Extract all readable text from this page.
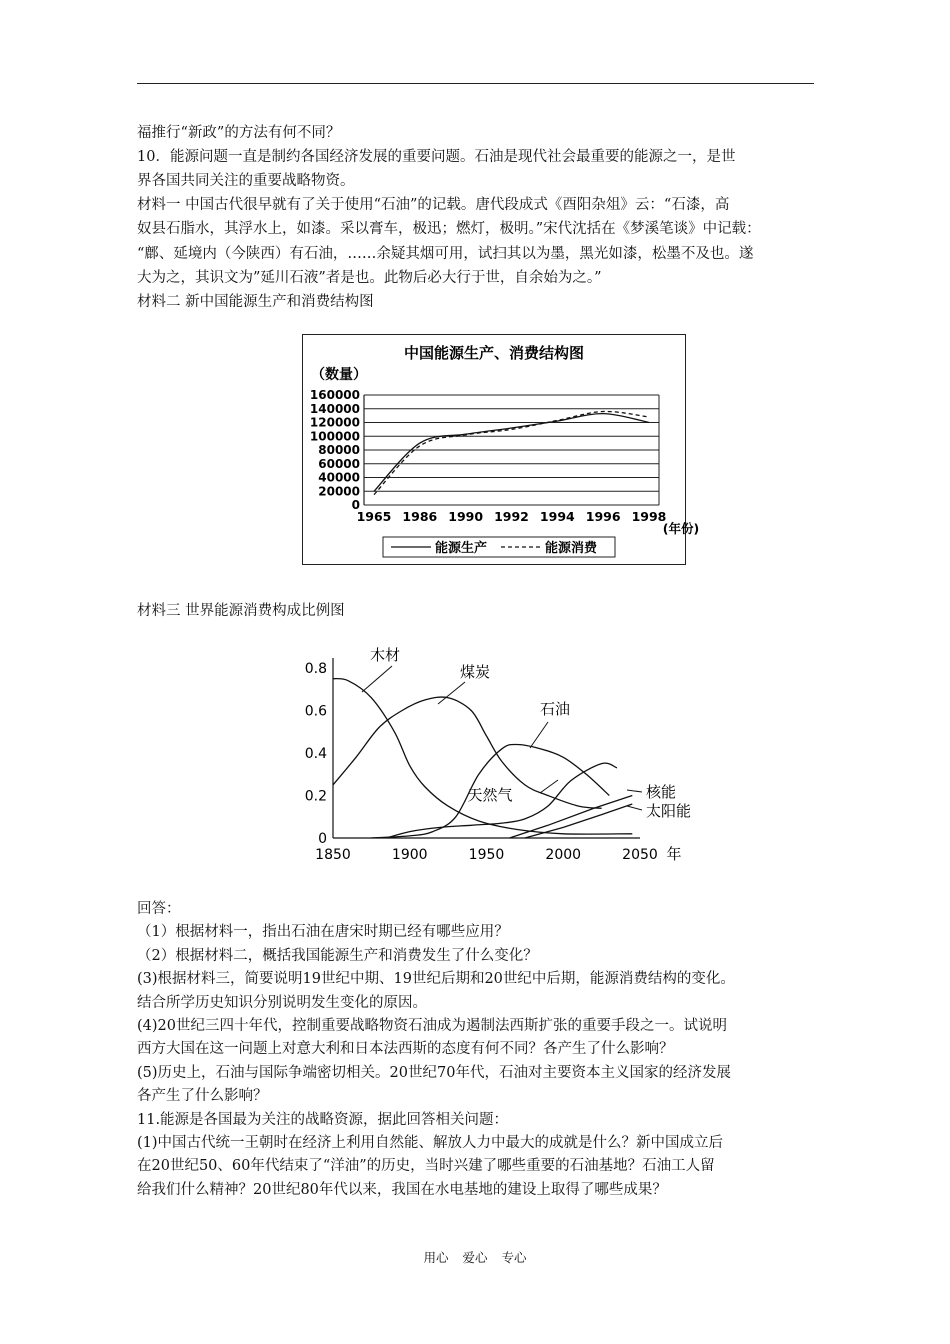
福推行“新政”的方法有何不同？
10．能源问题一直是制约各国经济发展的重要问题。石油是现代社会最重要的能源之一，是世
界各国共同关注的重要战略物资。
材料一 中国古代很早就有了关于使用“石油”的记载。唐代段成式《酉阳杂俎》云：“石漆，高
奴县石脂水，其浮水上，如漆。采以膏车，极迅；燃灯，极明。”宋代沈括在《梦溪笔谈》中记载：
“鄜、延境内（今陕西）有石油，……余疑其烟可用，试扫其以为墨，黑光如漆，松墨不及也。遂
大为之，其识文为”延川石液”者是也。此物后必大行于世，自余始为之。”
材料二 新中国能源生产和消费结构图
中国能源生产、消费结构图
（数量）
160000
140000
120000
100000
80000
60000
40000
20000
0
1965 1986 1990 1992 1994 1996 1998
(年份)
能源生产	能源消费
材料三 世界能源消费构成比例图
0.8
0.6
0.4
0.2
0
1850	1900	1950	2000	2050 年
木材
煤炭
石油
天然气	核能
太阳能
回答：
（1）根据材料一，指出石油在唐宋时期已经有哪些应用？
（2）根据材料二，概括我国能源生产和消费发生了什么变化？
(3)根据材料三，简要说明19世纪中期、19世纪后期和20世纪中后期，能源消费结构的变化。
结合所学历史知识分别说明发生变化的原因。
(4)20世纪三四十年代，控制重要战略物资石油成为遏制法西斯扩张的重要手段之一。试说明
西方大国在这一问题上对意大利和日本法西斯的态度有何不同？各产生了什么影响？
(5)历史上，石油与国际争端密切相关。20世纪70年代，石油对主要资本主义国家的经济发展
各产生了什么影响？
11.能源是各国最为关注的战略资源，据此回答相关问题：
(1)中国古代统一王朝时在经济上利用自然能、解放人力中最大的成就是什么？新中国成立后
在20世纪50、60年代结束了“洋油”的历史，当时兴建了哪些重要的石油基地？石油工人留
给我们什么精神？20世纪80年代以来，我国在水电基地的建设上取得了哪些成果？
用心 爱心 专心
